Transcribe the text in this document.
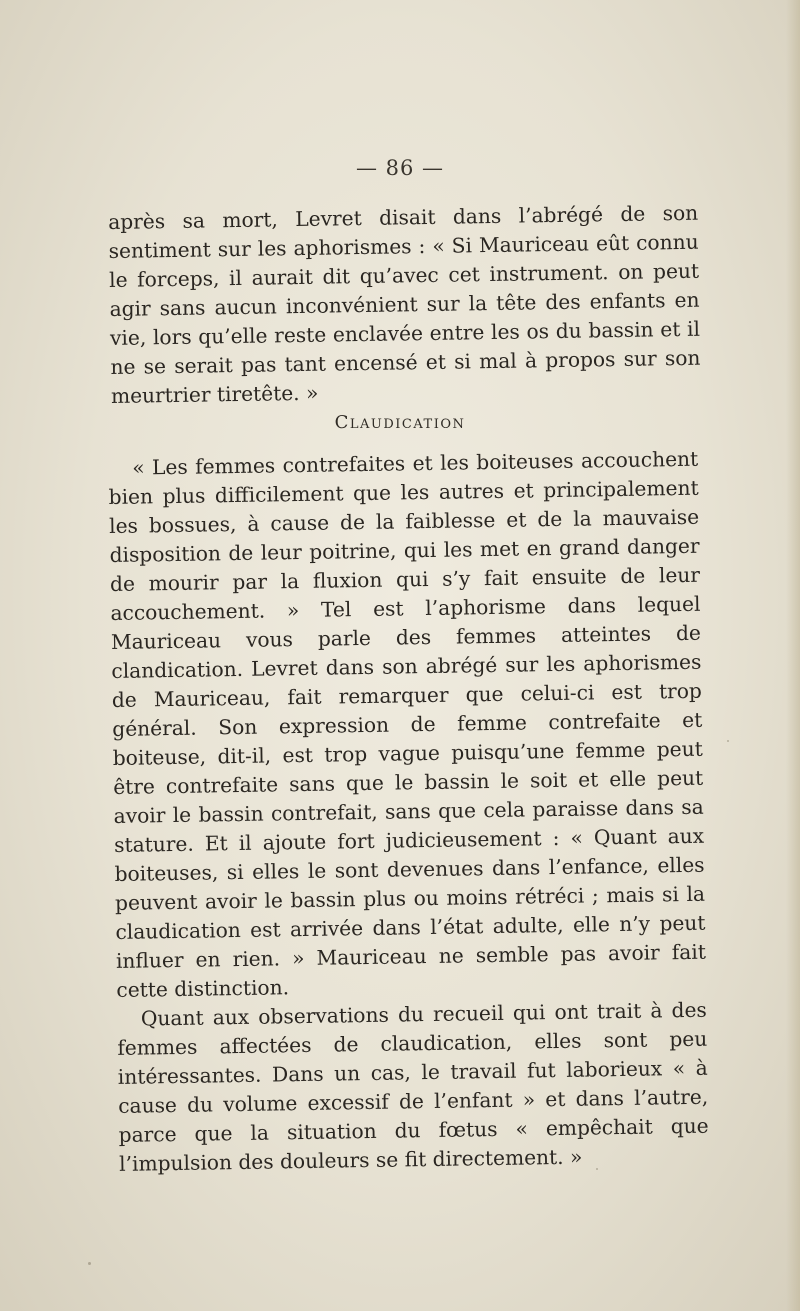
— 86 —

après sa mort, Levret disait dans l’abrégé de son sentiment sur les aphorismes : « Si Mauriceau eût connu le forceps, il aurait dit qu’avec cet instrument. on peut agir sans aucun inconvénient sur la tête des enfants en vie, lors qu’elle reste enclavée entre les os du bassin et il ne se serait pas tant encensé et si mal à propos sur son meurtrier tiretête. »

Claudication

« Les femmes contrefaites et les boiteuses accouchent bien plus difficilement que les autres et principalement les bossues, à cause de la faiblesse et de la mauvaise disposition de leur poitrine, qui les met en grand danger de mourir par la fluxion qui s’y fait ensuite de leur accouchement. » Tel est l’aphorisme dans lequel Mauriceau vous parle des femmes atteintes de clandication. Levret dans son abrégé sur les aphorismes de Mauriceau, fait remarquer que celui-ci est trop général. Son expression de femme contrefaite et boiteuse, dit-il, est trop vague puisqu’une femme peut être contrefaite sans que le bassin le soit et elle peut avoir le bassin contrefait, sans que cela paraisse dans sa stature. Et il ajoute fort judicieusement : « Quant aux boiteuses, si elles le sont devenues dans l’enfance, elles peuvent avoir le bassin plus ou moins rétréci ; mais si la claudication est arrivée dans l’état adulte, elle n’y peut influer en rien. » Mauriceau ne semble pas avoir fait cette distinction.

Quant aux observations du recueil qui ont trait à des femmes affectées de claudication, elles sont peu intéressantes. Dans un cas, le travail fut laborieux « à cause du volume excessif de l’enfant » et dans l’autre, parce que la situation du fœtus « empêchait que l’impulsion des douleurs se fit directement. »
